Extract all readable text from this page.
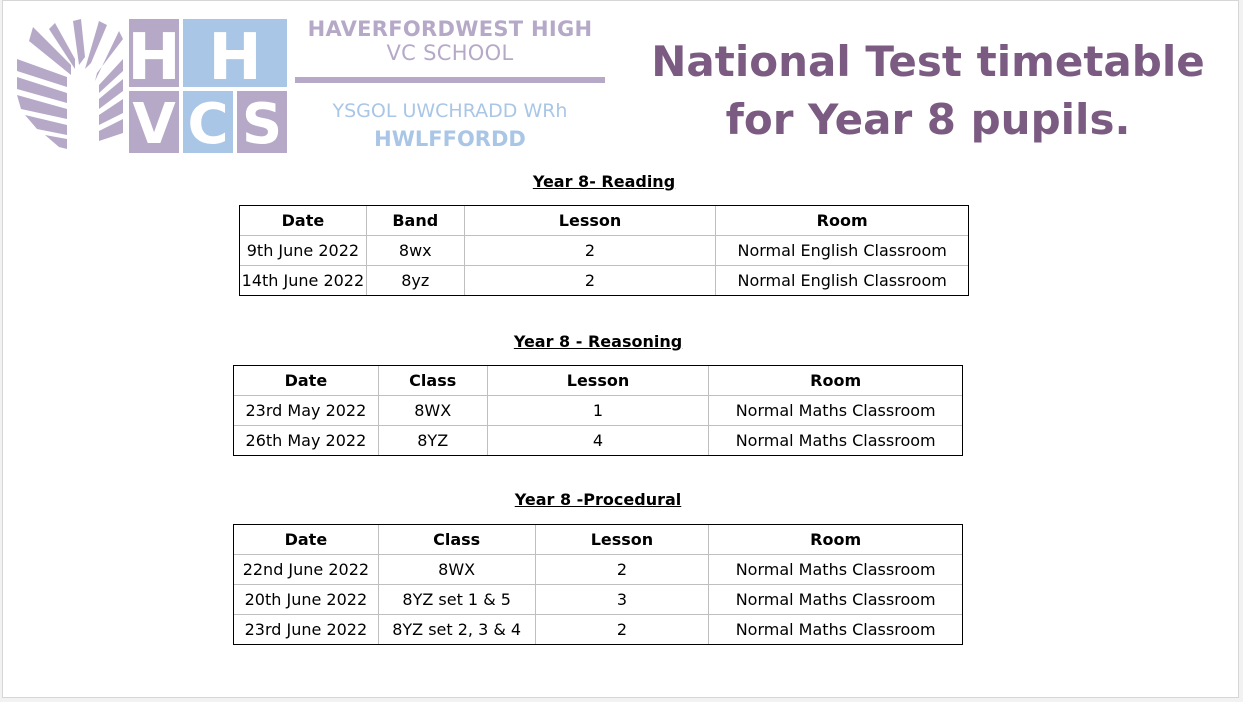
H H
V C S
HAVERFORDWEST HIGH
VC SCHOOL
YSGOL UWCHRADD WRh
HWLFFORDD
National Test timetable
for Year 8 pupils.
Year 8- Reading
Date	Band	Lesson	Room
9th June 2022	8wx	2	Normal English Classroom
14th June 2022	8yz	2	Normal English Classroom
Year 8 - Reasoning
Date	Class	Lesson	Room
23rd May 2022	8WX	1	Normal Maths Classroom
26th May 2022	8YZ	4	Normal Maths Classroom
Year 8 -Procedural
Date	Class	Lesson	Room
22nd June 2022	8WX	2	Normal Maths Classroom
20th June 2022	8YZ set 1 & 5	3	Normal Maths Classroom
23rd June 2022	8YZ set 2, 3 & 4	2	Normal Maths Classroom
